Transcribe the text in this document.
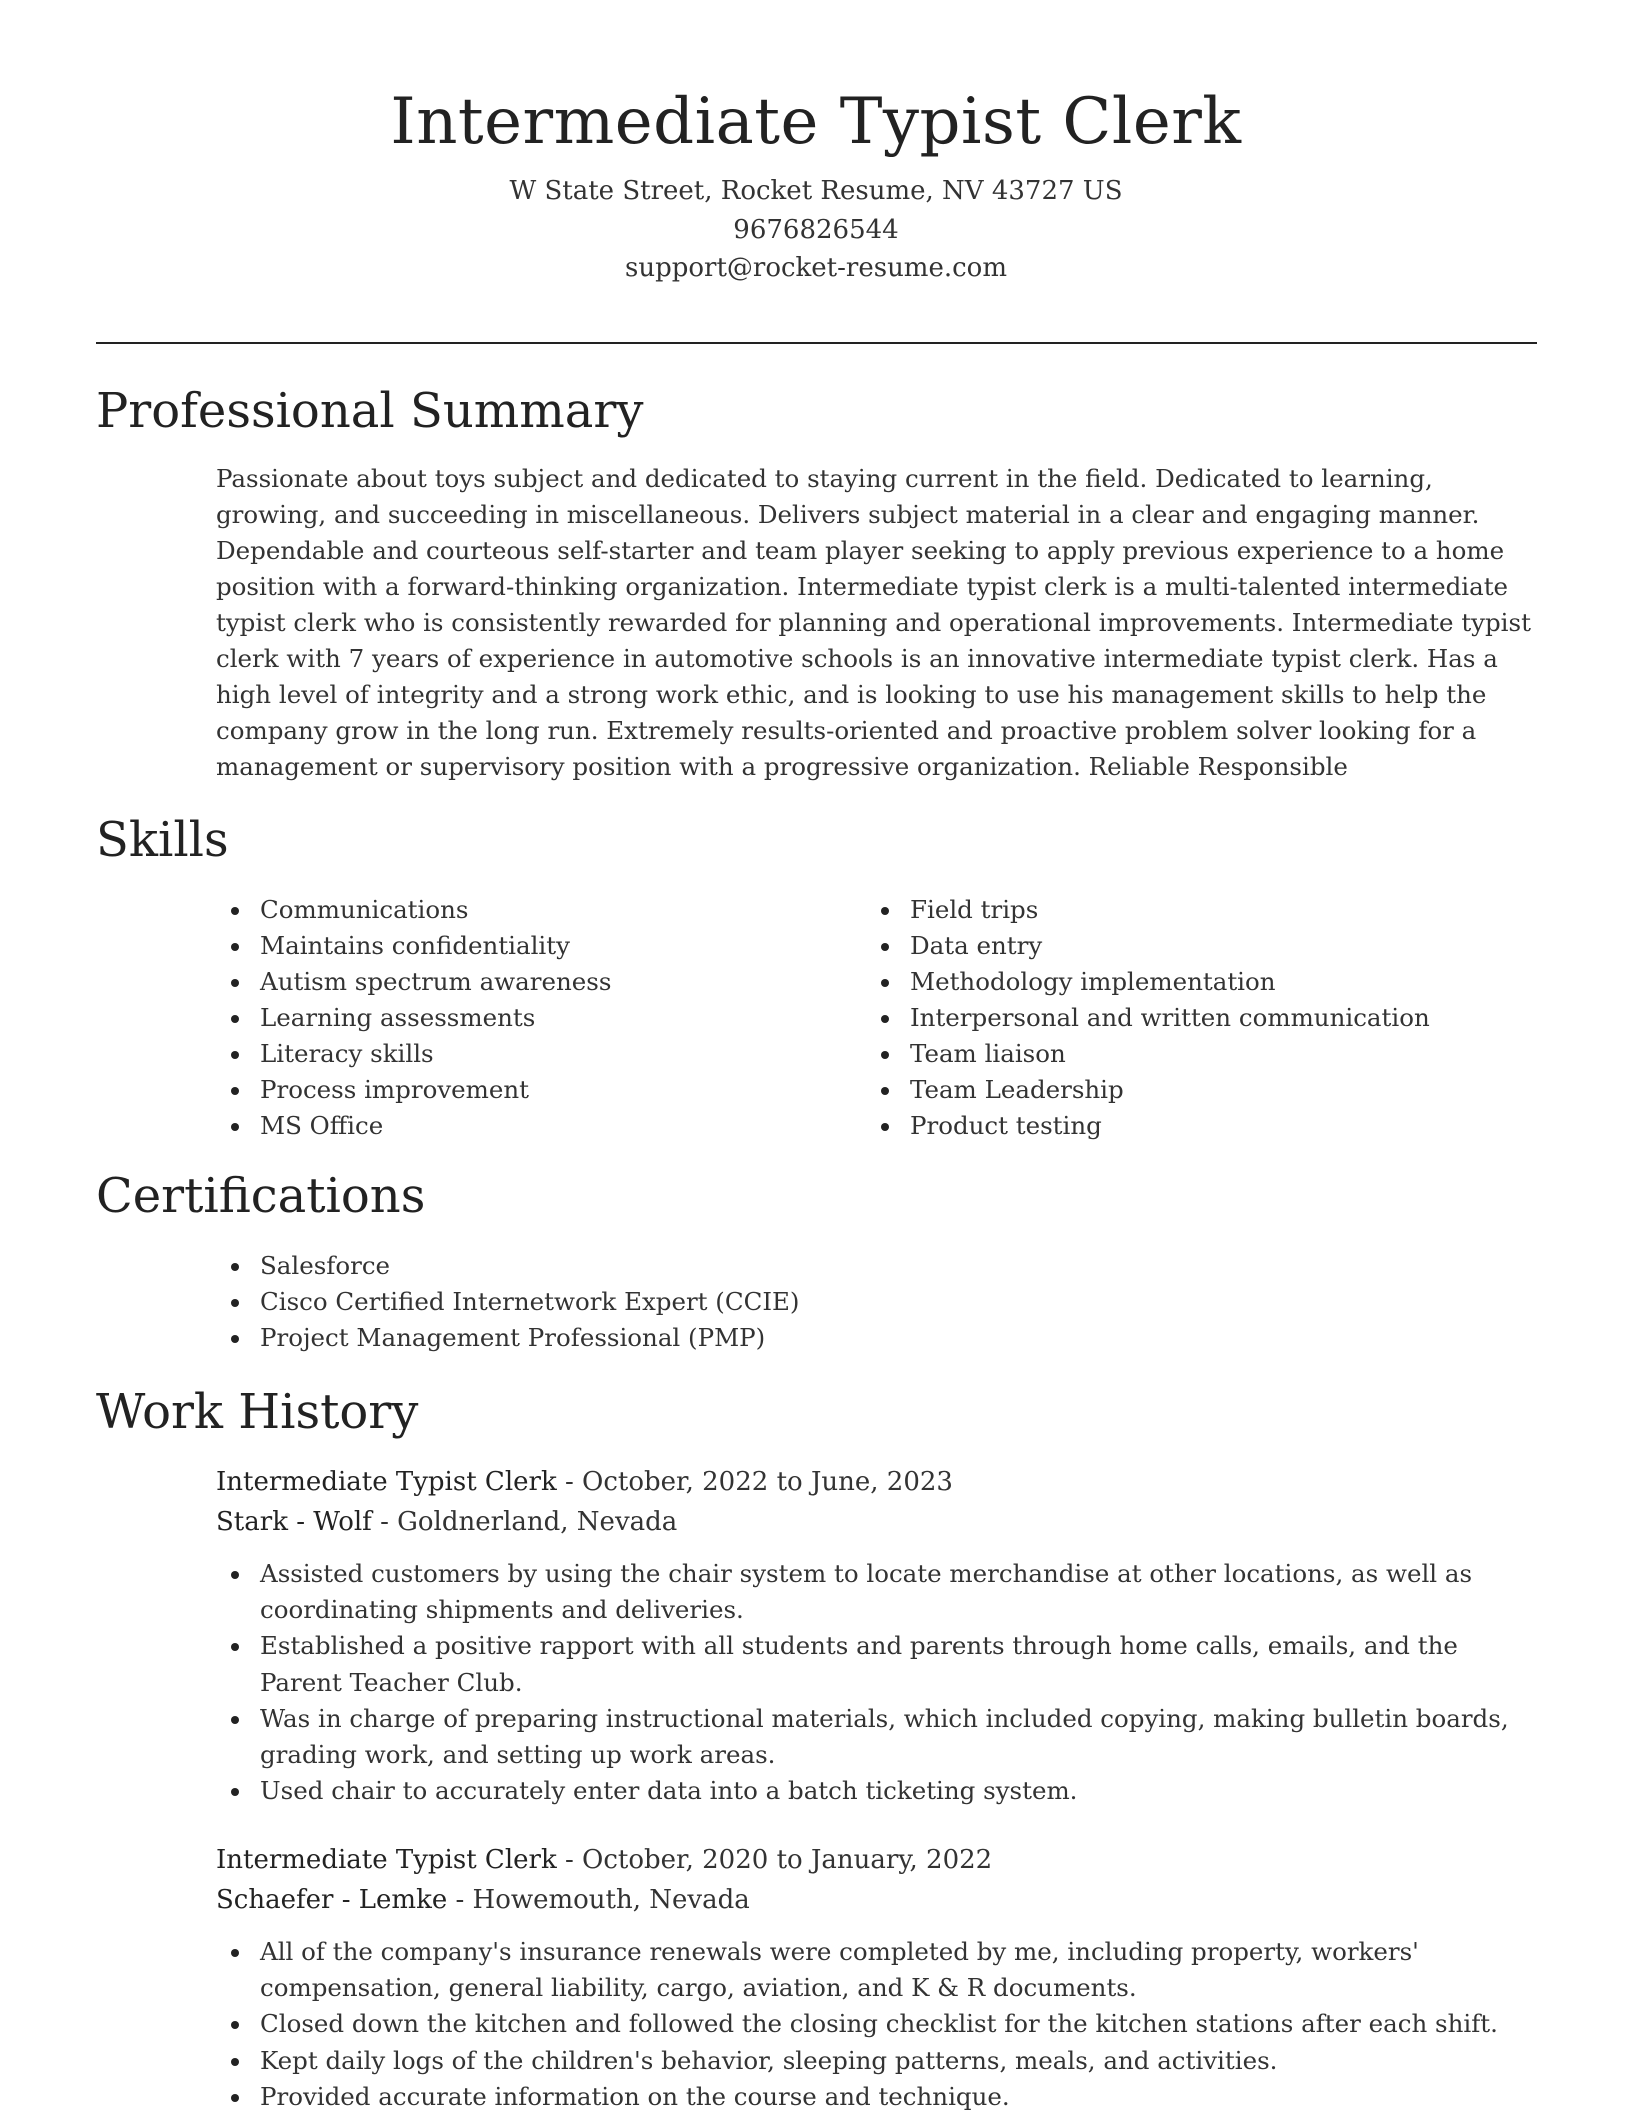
Intermediate Typist Clerk
W State Street, Rocket Resume, NV 43727 US
9676826544
support@rocket-resume.com
Professional Summary

Passionate about toys subject and dedicated to staying current in the field. Dedicated to learning, growing, and succeeding in miscellaneous. Delivers subject material in a clear and engaging manner. Dependable and courteous self-starter and team player seeking to apply previous experience to a home position with a forward-thinking organization. Intermediate typist clerk is a multi-talented intermediate typist clerk who is consistently rewarded for planning and operational improvements. Intermediate typist clerk with 7 years of experience in automotive schools is an innovative intermediate typist clerk. Has a high level of integrity and a strong work ethic, and is looking to use his management skills to help the company grow in the long run. Extremely results-oriented and proactive problem solver looking for a management or supervisory position with a progressive organization. Reliable Responsible

Skills
Communications
Maintains confidentiality
Autism spectrum awareness
Learning assessments
Literacy skills
Process improvement
MS Office
Field trips
Data entry
Methodology implementation
Interpersonal and written communication
Team liaison
Team Leadership
Product testing
Certifications
Salesforce
Cisco Certified Internetwork Expert (CCIE)
Project Management Professional (PMP)
Work History
Intermediate Typist Clerk - October, 2022 to June, 2023
Stark - Wolf - Goldnerland, Nevada
Assisted customers by using the chair system to locate merchandise at other locations, as well as coordinating shipments and deliveries.
Established a positive rapport with all students and parents through home calls, emails, and the Parent Teacher Club.
Was in charge of preparing instructional materials, which included copying, making bulletin boards, grading work, and setting up work areas.
Used chair to accurately enter data into a batch ticketing system.
Intermediate Typist Clerk - October, 2020 to January, 2022
Schaefer - Lemke - Howemouth, Nevada
All of the company's insurance renewals were completed by me, including property, workers' compensation, general liability, cargo, aviation, and K & R documents.
Closed down the kitchen and followed the closing checklist for the kitchen stations after each shift.
Kept daily logs of the children's behavior, sleeping patterns, meals, and activities.
Provided accurate information on the course and technique.
